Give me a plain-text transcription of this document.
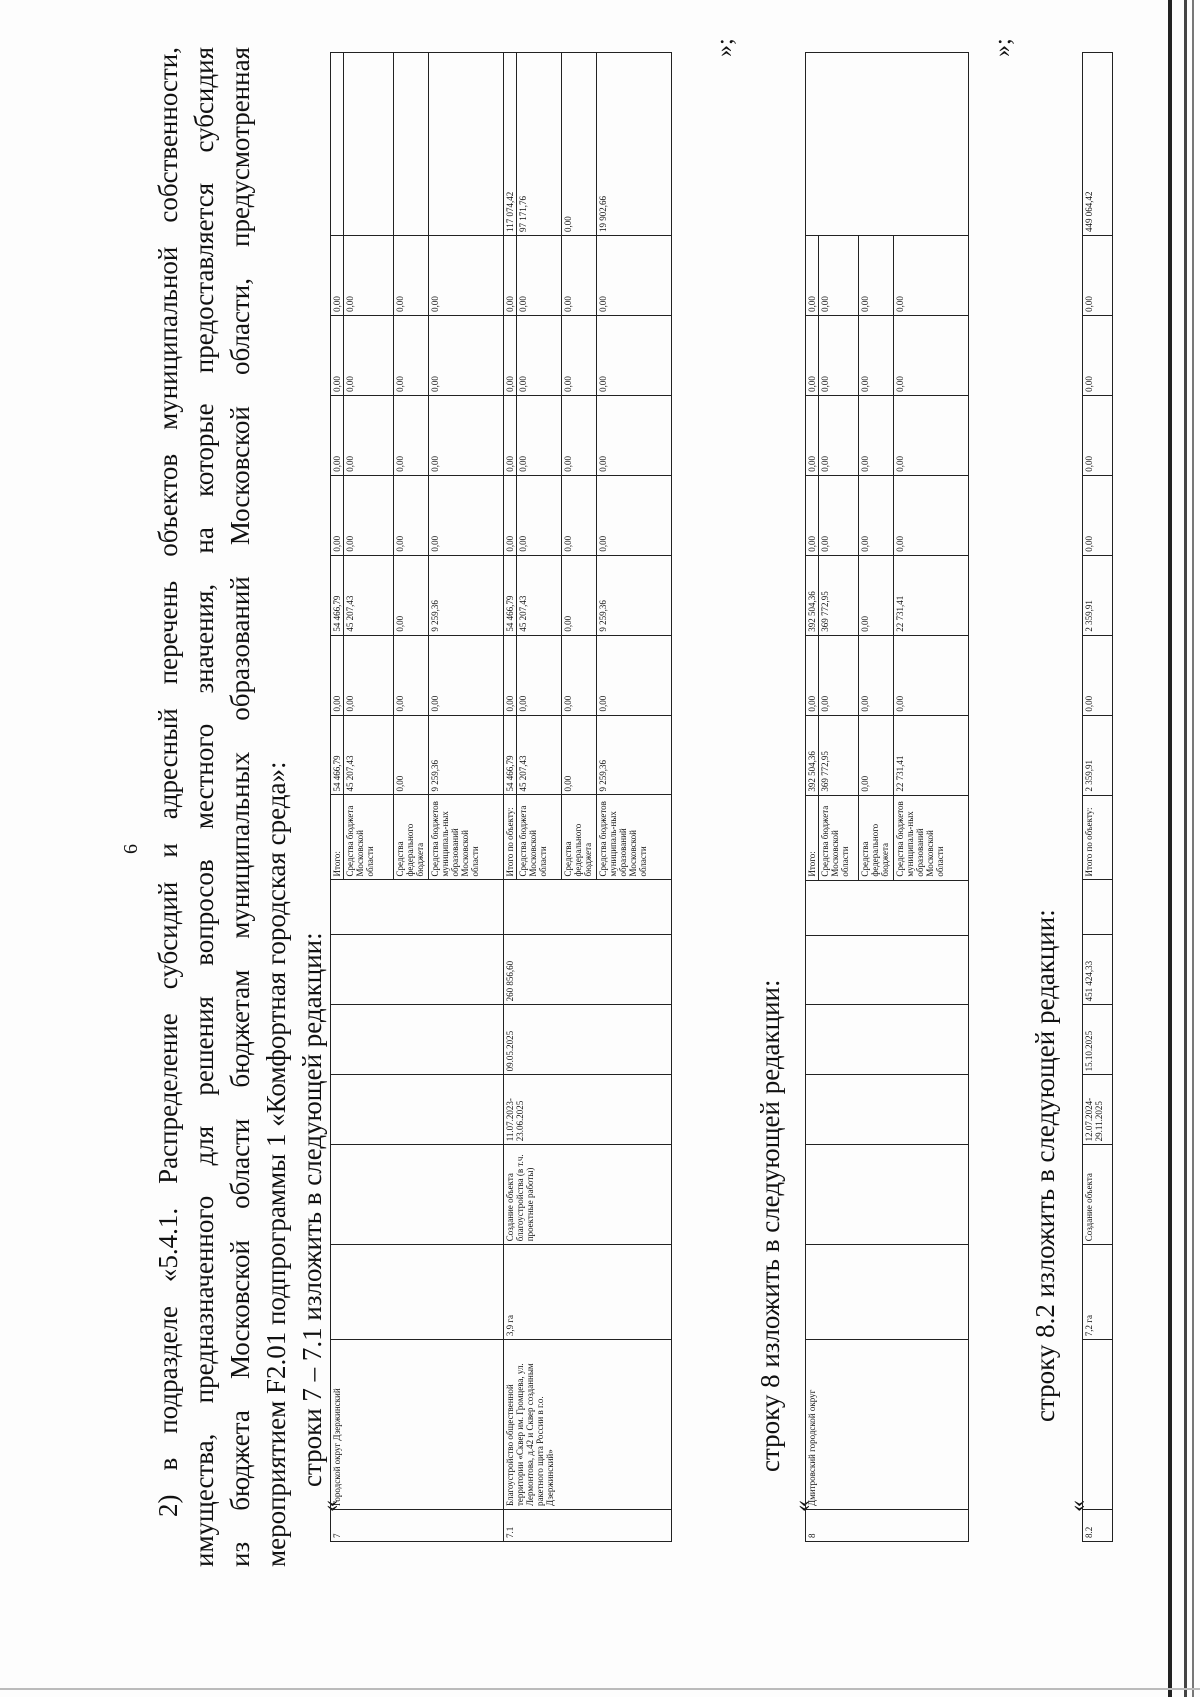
6 2) в подразделе «5.4.1. Распределение субсидий и адресный перечень объектов муниципальной собственности, имущества, предназначенного для решения вопросов местного значения, на которые предоставляется субсидия из бюджета Московской области бюджетам муниципальных образований Московской области, предусмотренная мероприятием F2.01 подпрограммы 1 «Комфортная городская среда»: строки 7 – 7.1 изложить в следующей редакции:
«
7	Городской округ Дзержинский							Итого:	54 466,79	0,00	54 466,79	0,00	0,00	0,00	0,00	
								Средства бюджета Московской области	45 207,43	0,00	45 207,43	0,00	0,00	0,00	0,00	
								Средства федерального бюджета	0,00	0,00	0,00	0,00	0,00	0,00	0,00	
								Средства бюджетов муниципаль-ных образований Московской области	9 259,36	0,00	9 259,36	0,00	0,00	0,00	0,00	
7.1	Благоустройство общественной территории «Сквер им. Громцева, ул. Лермонтова, д.42 и Сквер созданным ракетного щита России в г.о. Дзержинский»	3,9 га	Создание объекта благоустройства (в т.ч. проектные работы)	11.07.2023-23.06.2025	09.05.2025	260 856,60		Итого по объекту:	54 466,79	0,00	54 466,79	0,00	0,00	0,00	0,00	117 074,42
								Средства бюджета Московской области	45 207,43	0,00	45 207,43	0,00	0,00	0,00	0,00	97 171,76
								Средства федерального бюджета	0,00	0,00	0,00	0,00	0,00	0,00	0,00	0,00
								Средства бюджетов муниципаль-ных образований Московской области	9 259,36	0,00	9 259,36	0,00	0,00	0,00	0,00	19 902,66
»;
строку 8 изложить в следующей редакции:
«
8	Дмитровский городской округ							Итого:	392 504,36	0,00	392 504,36	0,00	0,00	0,00	0,00	
								Средства бюджета Московской области	369 772,95	0,00	369 772,95	0,00	0,00	0,00	0,00	
								Средства федерального бюджета	0,00	0,00	0,00	0,00	0,00	0,00	0,00	
								Средства бюджетов муниципаль-ных образований Московской области	22 731,41	0,00	22 731,41	0,00	0,00	0,00	0,00	
»;
строку 8.2 изложить в следующей редакции:
«
8.2		7,2 га	Создание объекта	12.07.2024-29.11.2025	15.10.2025	451 424,33		Итого по объекту:	2 359,91	0,00	2 359,91	0,00	0,00	0,00	0,00	449 064,42
